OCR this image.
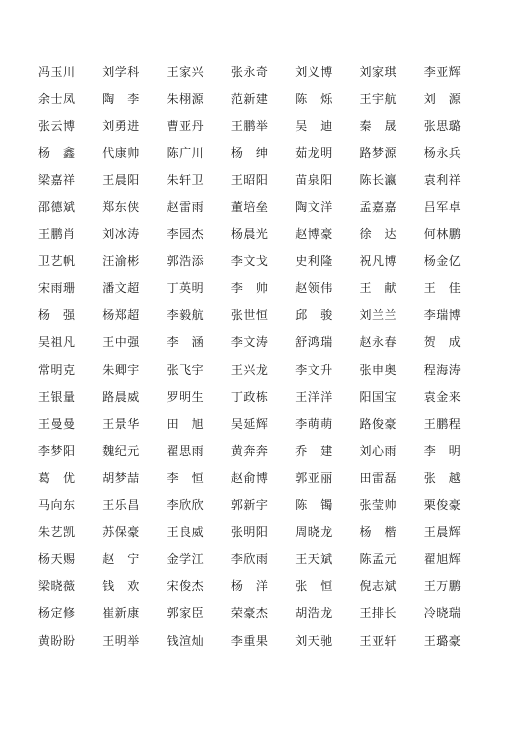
冯玉川	刘学科	王家兴	张永奇	刘义博	刘家琪	李亚辉
余士凤	陶　李	朱栩源	范新建	陈　烁	王宇航	刘　源
张云博	刘勇进	曹亚丹	王鹏举	吴　迪	秦　晟	张思璐
杨　鑫	代康帅	陈广川	杨　绅	茹龙明	路梦源	杨永兵
梁嘉祥	王晨阳	朱轩卫	王昭阳	苗泉阳	陈长瀛	袁利祥
邵德斌	郑东侠	赵雷雨	董培垒	陶文洋	孟嘉嘉	吕军卓
王鹏肖	刘冰涛	李园杰	杨晨光	赵博豪	徐　达	何林鹏
卫艺帆	汪渝彬	郭浩添	李文戈	史利隆	祝凡博	杨金亿
宋雨珊	潘文超	丁英明	李　帅	赵领伟	王　献	王　佳
杨　强	杨郑超	李毅航	张世恒	邱　骏	刘兰兰	李瑞博
吴祖凡	王中强	李　涵	李文涛	舒鸿瑞	赵永春	贺　成
常明克	朱卿宇	张飞宇	王兴龙	李文升	张申奥	程海涛
王银量	路晨威	罗明生	丁政栋	王洋洋	阳国宝	袁金来
王曼曼	王景华	田　旭	吴延辉	李萌萌	路俊豪	王鹏程
李梦阳	魏纪元	翟思雨	黄奔奔	乔　建	刘心雨	李　明
葛　优	胡梦喆	李　恒	赵俞博	郭亚丽	田雷磊	张　越
马向东	王乐昌	李欣欣	郭新宇	陈　镯	张莹帅	栗俊豪
朱艺凯	苏保豪	王良威	张明阳	周晓龙	杨　楷	王晨辉
杨天赐	赵　宁	金学江	李欣雨	王天斌	陈孟元	翟旭辉
梁晓薇	钱　欢	宋俊杰	杨　洋	张　恒	倪志斌	王万鹏
杨定修	崔新康	郭家臣	荣豪杰	胡浩龙	王排长	冷晓瑞
黄盼盼	王明举	钱渲灿	李重果	刘天驰	王亚轩	王璐豪
